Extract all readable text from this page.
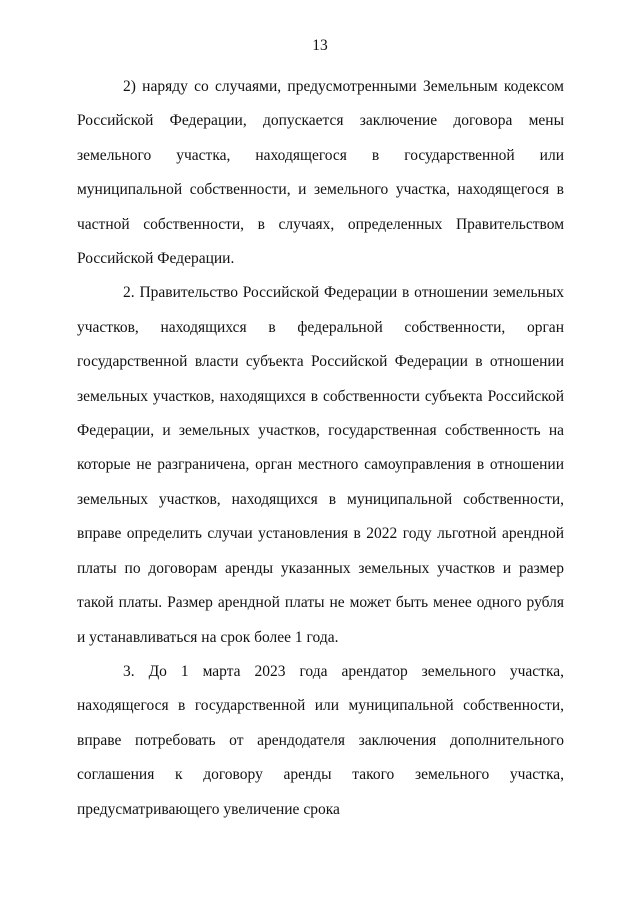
13

2) наряду со случаями, предусмотренными Земельным кодексом Российской Федерации, допускается заключение договора мены земельного участка, находящегося в государственной или муниципальной собственности, и земельного участка, находящегося в частной собственности, в случаях, определенных Правительством Российской Федерации.

2. Правительство Российской Федерации в отношении земельных участков, находящихся в федеральной собственности, орган государственной власти субъекта Российской Федерации в отношении земельных участков, находящихся в собственности субъекта Российской Федерации, и земельных участков, государственная собственность на которые не разграничена, орган местного самоуправления в отношении земельных участков, находящихся в муниципальной собственности, вправе определить случаи установления в 2022 году льготной арендной платы по договорам аренды указанных земельных участков и размер такой платы. Размер арендной платы не может быть менее одного рубля и устанавливаться на срок более 1 года.

3. До 1 марта 2023 года арендатор земельного участка, находящегося в государственной или муниципальной собственности, вправе потребовать от арендодателя заключения дополнительного соглашения к договору аренды такого земельного участка, предусматривающего увеличение срока
